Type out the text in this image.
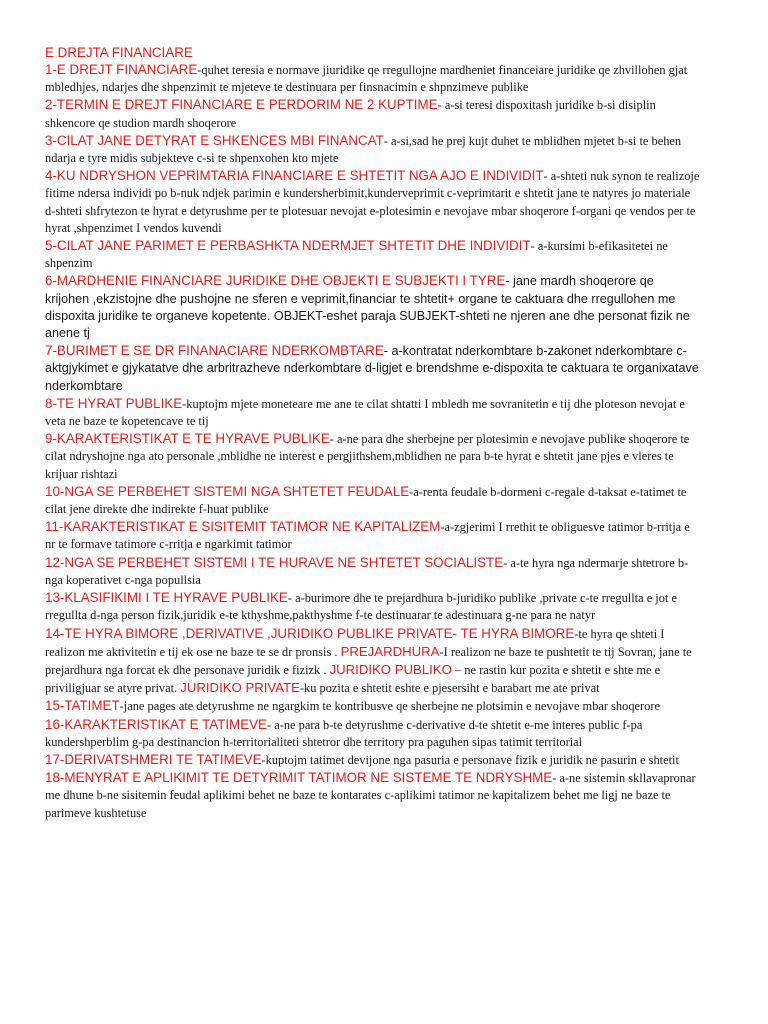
E DREJTA FINANCIARE

1-E DREJT FINANCIARE-quhet teresia e normave jiuridike qe rregullojne mardheniet financeiare juridike qe zhvillohen gjat mbledhjes, ndarjes dhe shpenzimit te mjeteve te destinuara per finsnacimin e shpnzimeve publike

2-TERMIN E DREJT FINANCIARE E PERDORIM NE 2 KUPTIME- a-si teresi dispoxitash juridike b-si disiplin shkencore qe studion mardh shoqerore

3-CILAT JANE DETYRAT E SHKENCES MBI FINANCAT- a-si,sad he prej kujt duhet te mblidhen mjetet b-si te behen ndarja e tyre midis subjekteve c-si te shpenxohen kto mjete

4-KU NDRYSHON VEPRIMTARIA FINANCIARE E SHTETIT NGA AJO E INDIVIDIT- a-shteti nuk synon te realizoje fitime ndersa individi po b-nuk ndjek parimin e kundersherbimit,kunderveprimit c-veprimtarit e shtetit jane te natyres jo materiale d-shteti shfrytezon te hyrat e detyrushme per te plotesuar nevojat e-plotesimin e nevojave mbar shoqerore f-organi qe vendos per te hyrat ,shpenzimet I vendos kuvendi

5-CILAT JANE PARIMET E PERBASHKTA NDERMJET SHTETIT DHE INDIVIDIT- a-kursimi b-efikasitetei ne shpenzim

6-MARDHENIE FINANCIARE JURIDIKE DHE OBJEKTI E SUBJEKTI I TYRE- jane mardh shoqerore qe krijohen ,ekzistojne dhe pushojne ne sferen e veprimit,financiar te shtetit+ organe te caktuara dhe rregullohen me dispoxita juridike te organeve kopetente. OBJEKT-eshet paraja SUBJEKT-shteti ne njeren ane dhe personat fizik ne anene tj

7-BURIMET E SE DR FINANACIARE NDERKOMBTARE- a-kontratat nderkombtare b-zakonet nderkombtare c-aktgjykimet e gjykatatve dhe arbritrazheve nderkombtare d-ligjet e brendshme e-dispoxita te caktuara te organixatave nderkombtare

8-TE HYRAT PUBLIKE-kuptojm mjete moneteare me ane te cilat shtatti I mbledh me sovranitetin e tij dhe ploteson nevojat e veta ne baze te kopetencave te tij

9-KARAKTERISTIKAT E TE HYRAVE PUBLIKE- a-ne para dhe sherbejne per plotesimin e nevojave publike shoqerore te cilat ndryshojne nga ato personale ,mblidhe ne interest e pergjithshem,mblidhen ne para b-te hyrat e shtetit jane pjes e vleres te krijuar rishtazi

10-NGA SE PERBEHET SISTEMI NGA SHTETET FEUDALE-a-renta feudale b-dormeni c-regale d-taksat e-tatimet te cilat jene direkte dhe indirekte f-huat publike

11-KARAKTERISTIKAT E SISITEMIT TATIMOR NE KAPITALIZEM-a-zgjerimi I rrethit te obliguesve tatimor b-rritja e nr te formave tatimore c-rritja e ngarkimit tatimor

12-NGA SE PERBEHET SISTEMI I TE HURAVE NE SHTETET SOCIALISTE- a-te hyra nga ndermarje shtetrore b-nga koperativet c-nga popullsia

13-KLASIFIKIMI I TE HYRAVE PUBLIKE- a-burimore dhe te prejardhura b-juridiko publike ,private c-te rregullta e jot e rregullta d-nga person fizik,juridik e-te kthyshme,pakthyshme f-te destinuarar te adestinuara g-ne para ne natyr

14-TE HYRA BIMORE ,DERIVATIVE ,JURIDIKO PUBLIKE PRIVATE- TE HYRA BIMORE-te hyra qe shteti I realizon me aktivitetin e tij ek ose ne baze te se dr pronsis . PREJARDHURA-I realizon ne baze te pushtetit te tij Sovran, jane te prejardhura nga forcat ek dhe personave juridik e fizizk . JURIDIKO PUBLIKO – ne rastin kur pozita e shtetit e shte me e priviligjuar se atyre privat. JURIDIKO PRIVATE-ku pozita e shtetit eshte e pjesersiht e barabart me ate privat

15-TATIMET-jane pages ate detyrushme ne ngargkim te kontribusve qe sherbejne ne plotsimin e nevojave mbar shoqerore

16-KARAKTERISTIKAT E TATIMEVE- a-ne para b-te detyrushme c-derivative d-te shtetit e-me interes public f-pa kundershperblim g-pa destinancion h-territorialiteti shtetror dhe territory pra paguhen sipas tatimit territorial

17-DERIVATSHMERI TE TATIMEVE-kuptojm tatimet devijone nga pasuria e personave fizik e juridik ne pasurin e shtetit

18-MENYRAT E APLIKIMIT TE DETYRIMIT TATIMOR NE SISTEME TE NDRYSHME- a-ne sistemin skllavapronar me dhune b-ne sisitemin feudal aplikimi behet ne baze te kontarates c-aplikimi tatimor ne kapitalizem behet me ligj ne baze te parimeve kushtetuse
